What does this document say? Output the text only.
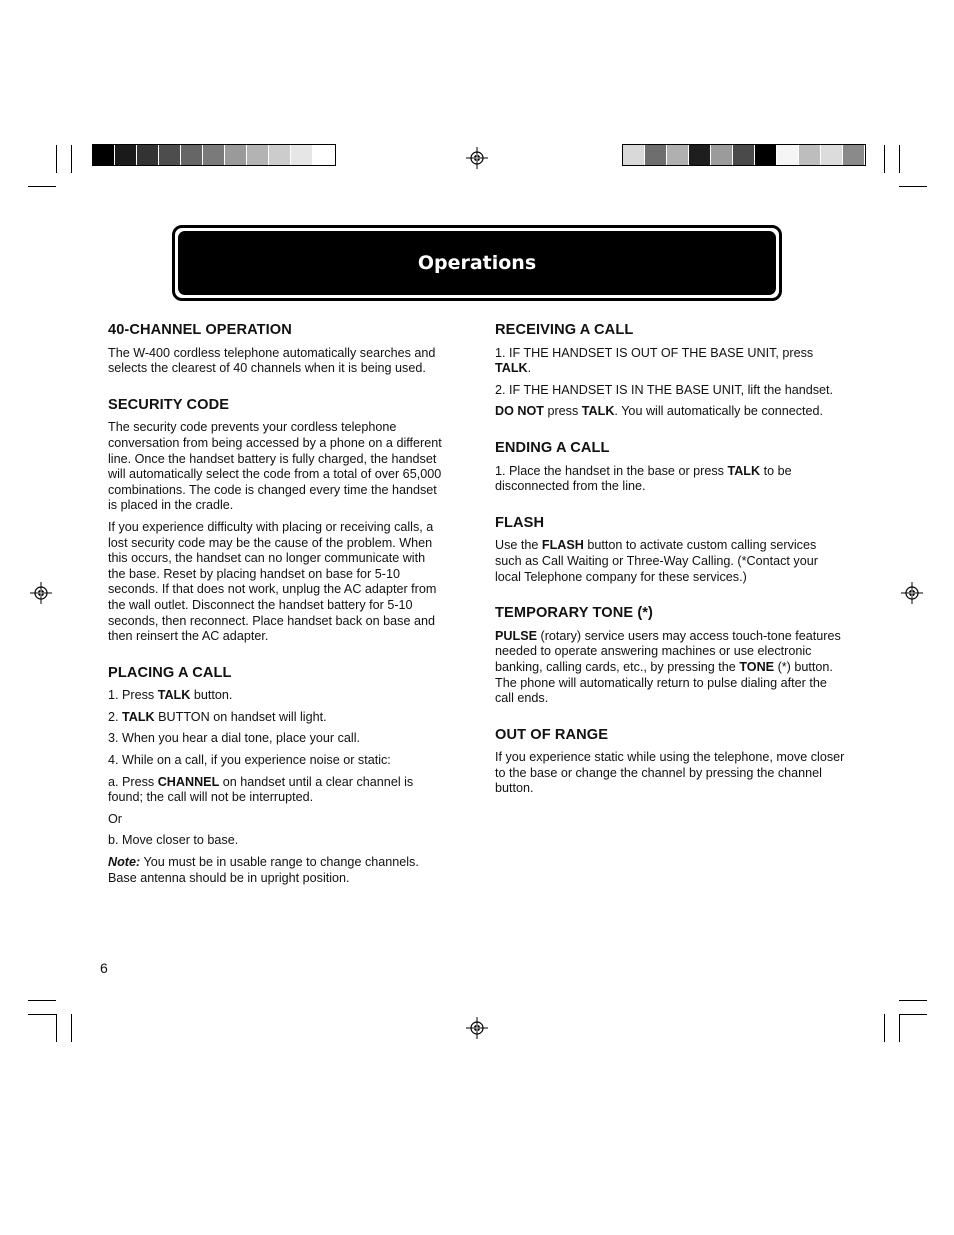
Operations
40-CHANNEL OPERATION

The W-400 cordless telephone automatically searches and selects the clearest of 40 channels when it is being used.

SECURITY CODE

The security code prevents your cordless telephone conversation from being accessed by a phone on a different line. Once the handset battery is fully charged, the handset will automatically select the code from a total of over 65,000 combinations. The code is changed every time the handset is placed in the cradle.

If you experience difficulty with placing or receiving calls, a lost security code may be the cause of the problem. When this occurs, the handset can no longer communicate with the base. Reset by placing handset on base for 5-10 seconds. If that does not work, unplug the AC adapter from the wall outlet. Disconnect the handset battery for 5-10 seconds, then reconnect. Place handset back on base and then reinsert the AC adapter.

PLACING A CALL

1. Press TALK button.

2. TALK BUTTON on handset will light.

3. When you hear a dial tone, place your call.

4. While on a call, if you experience noise or static:

a. Press CHANNEL on handset until a clear channel is found; the call will not be interrupted.

Or

b. Move closer to base.

Note: You must be in usable range to change channels. Base antenna should be in upright position.

RECEIVING A CALL

1. IF THE HANDSET IS OUT OF THE BASE UNIT, press TALK.

2. IF THE HANDSET IS IN THE BASE UNIT, lift the handset.

DO NOT press TALK. You will automatically be connected.

ENDING A CALL

1. Place the handset in the base or press TALK to be disconnected from the line.

FLASH

Use the FLASH button to activate custom calling services such as Call Waiting or Three-Way Calling. (*Contact your local Telephone company for these services.)

TEMPORARY TONE (*)

PULSE (rotary) service users may access touch-tone features needed to operate answering machines or use electronic banking, calling cards, etc., by pressing the TONE (*) button. The phone will automatically return to pulse dialing after the call ends.

OUT OF RANGE

If you experience static while using the telephone, move closer to the base or change the channel by pressing the channel button.

6
